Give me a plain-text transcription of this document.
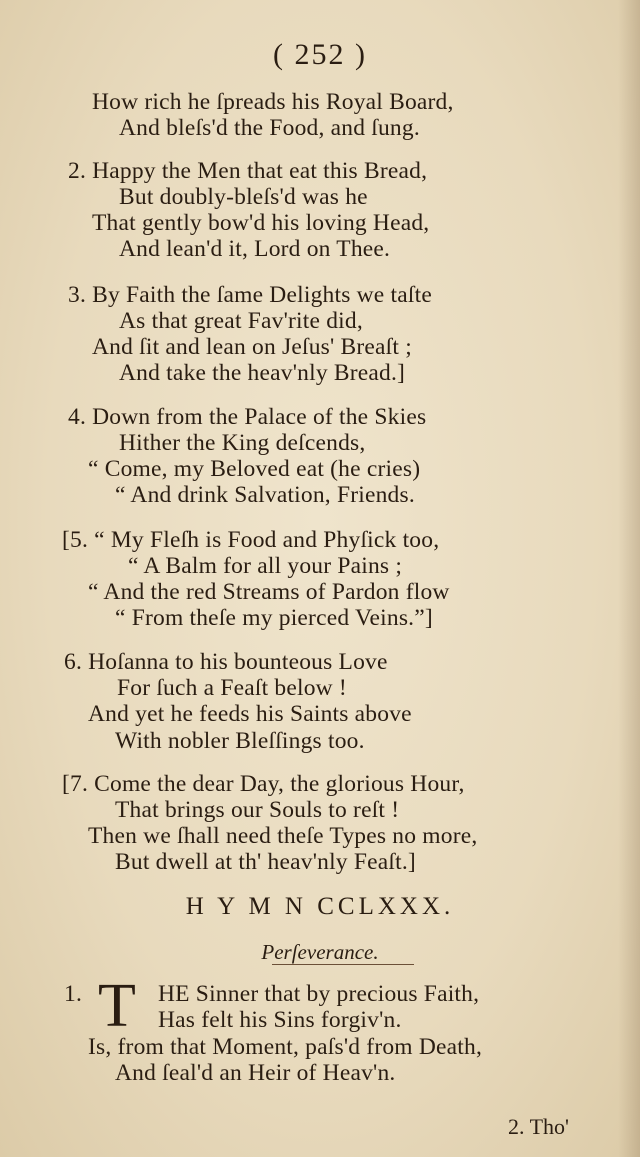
( 252 )
How rich he ſpreads his Royal Board,
And bleſs'd the Food, and ſung.
2. Happy the Men that eat this Bread,
But doubly-bleſs'd was he
That gently bow'd his loving Head,
And lean'd it, Lord on Thee.
3. By Faith the ſame Delights we taſte
As that great Fav'rite did,
And ſit and lean on Jeſus' Breaſt ;
And take the heav'nly Bread.]
4. Down from the Palace of the Skies
Hither the King deſcends,
“ Come, my Beloved eat (he cries)
“ And drink Salvation, Friends.
[5. “ My Fleſh is Food and Phyſick too,
“ A Balm for all your Pains ;
“ And the red Streams of Pardon flow
“ From theſe my pierced Veins.”]
6. Hoſanna to his bounteous Love
For ſuch a Feaſt below !
And yet he feeds his Saints above
With nobler Bleſſings too.
[7. Come the dear Day, the glorious Hour,
That brings our Souls to reſt !
Then we ſhall need theſe Types no more,
But dwell at th' heav'nly Feaſt.]
H Y M N CCLXXX.
Perſeverance.
1. T HE Sinner that by precious Faith,
Has felt his Sins forgiv'n.
Is, from that Moment, paſs'd from Death,
And ſeal'd an Heir of Heav'n.
2. Tho'
